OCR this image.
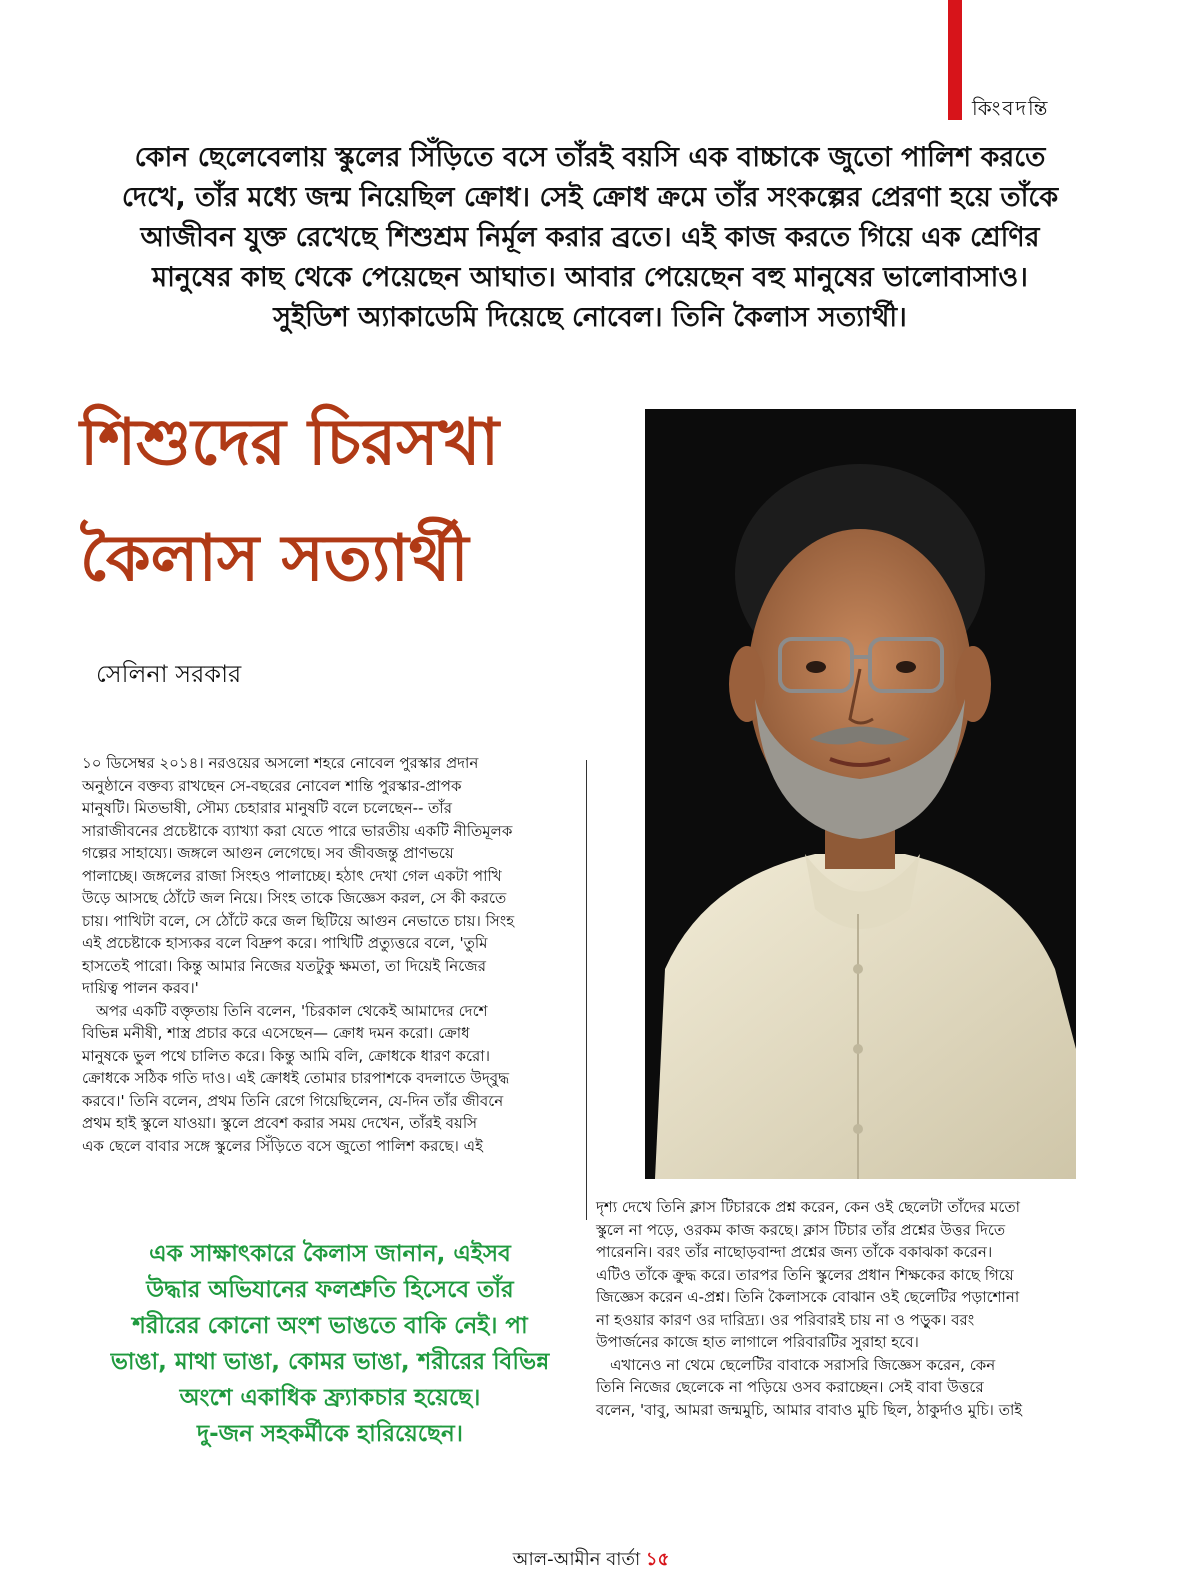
কিংবদন্তি
কোন ছেলেবেলায় স্কুলের সিঁড়িতে বসে তাঁরই বয়সি এক বাচ্চাকে জুতো পালিশ করতে
দেখে, তাঁর মধ্যে জন্ম নিয়েছিল ক্রোধ। সেই ক্রোধ ক্রমে তাঁর সংকল্পের প্রেরণা হয়ে তাঁকে
আজীবন যুক্ত রেখেছে শিশুশ্রম নির্মূল করার ব্রতে। এই কাজ করতে গিয়ে এক শ্রেণির
মানুষের কাছ থেকে পেয়েছেন আঘাত। আবার পেয়েছেন বহু মানুষের ভালোবাসাও।
সুইডিশ অ্যাকাডেমি দিয়েছে নোবেল। তিনি কৈলাস সত্যার্থী।
শিশুদের চিরসখা
কৈলাস সত্যার্থী
সেলিনা সরকার
১০ ডিসেম্বর ২০১৪। নরওয়ের অসলো শহরে নোবেল পুরস্কার প্রদান
অনুষ্ঠানে বক্তব্য রাখছেন সে-বছরের নোবেল শান্তি পুরস্কার-প্রাপক
মানুষটি। মিতভাষী, সৌম্য চেহারার মানুষটি বলে চলেছেন-- তাঁর
সারাজীবনের প্রচেষ্টাকে ব্যাখ্যা করা যেতে পারে ভারতীয় একটি নীতিমূলক
গল্পের সাহায্যে। জঙ্গলে আগুন লেগেছে। সব জীবজন্তু প্রাণভয়ে
পালাচ্ছে। জঙ্গলের রাজা সিংহও পালাচ্ছে। হঠাৎ দেখা গেল একটা পাখি
উড়ে আসছে ঠোঁটে জল নিয়ে। সিংহ তাকে জিজ্ঞেস করল, সে কী করতে
চায়। পাখিটা বলে, সে ঠোঁটে করে জল ছিটিয়ে আগুন নেভাতে চায়। সিংহ
এই প্রচেষ্টাকে হাস্যকর বলে বিদ্রুপ করে। পাখিটি প্রত্যুত্তরে বলে, 'তুমি
হাসতেই পারো। কিন্তু আমার নিজের যতটুকু ক্ষমতা, তা দিয়েই নিজের
দায়িত্ব পালন করব।'
অপর একটি বক্তৃতায় তিনি বলেন, 'চিরকাল থেকেই আমাদের দেশে
বিভিন্ন মনীষী, শাস্ত্র প্রচার করে এসেছেন— ক্রোধ দমন করো। ক্রোধ
মানুষকে ভুল পথে চালিত করে। কিন্তু আমি বলি, ক্রোধকে ধারণ করো।
ক্রোধকে সঠিক গতি দাও। এই ক্রোধই তোমার চারপাশকে বদলাতে উদ্‌বুদ্ধ
করবে।' তিনি বলেন, প্রথম তিনি রেগে গিয়েছিলেন, যে-দিন তাঁর জীবনে
প্রথম হাই স্কুলে যাওয়া। স্কুলে প্রবেশ করার সময় দেখেন, তাঁরই বয়সি
এক ছেলে বাবার সঙ্গে স্কুলের সিঁড়িতে বসে জুতো পালিশ করছে। এই
এক সাক্ষাৎকারে কৈলাস জানান, এইসব
উদ্ধার অভিযানের ফলশ্রুতি হিসেবে তাঁর
শরীরের কোনো অংশ ভাঙতে বাকি নেই। পা
ভাঙা, মাথা ভাঙা, কোমর ভাঙা, শরীরের বিভিন্ন
অংশে একাধিক ফ্র্যাকচার হয়েছে।
দু-জন সহকর্মীকে হারিয়েছেন।
দৃশ্য দেখে তিনি ক্লাস টিচারকে প্রশ্ন করেন, কেন ওই ছেলেটা তাঁদের মতো
স্কুলে না পড়ে, ওরকম কাজ করছে। ক্লাস টিচার তাঁর প্রশ্নের উত্তর দিতে
পারেননি। বরং তাঁর নাছোড়বান্দা প্রশ্নের জন্য তাঁকে বকাঝকা করেন।
এটিও তাঁকে ক্রুদ্ধ করে। তারপর তিনি স্কুলের প্রধান শিক্ষকের কাছে গিয়ে
জিজ্ঞেস করেন এ-প্রশ্ন। তিনি কৈলাসকে বোঝান ওই ছেলেটির পড়াশোনা
না হওয়ার কারণ ওর দারিদ্র্য। ওর পরিবারই চায় না ও পড়ুক। বরং
উপার্জনের কাজে হাত লাগালে পরিবারটির সুরাহা হবে।
এখানেও না থেমে ছেলেটির বাবাকে সরাসরি জিজ্ঞেস করেন, কেন
তিনি নিজের ছেলেকে না পড়িয়ে ওসব করাচ্ছেন। সেই বাবা উত্তরে
বলেন, 'বাবু, আমরা জন্মমুচি, আমার বাবাও মুচি ছিল, ঠাকুর্দাও মুচি। তাই
আল-আমীন বার্তা ১৫
